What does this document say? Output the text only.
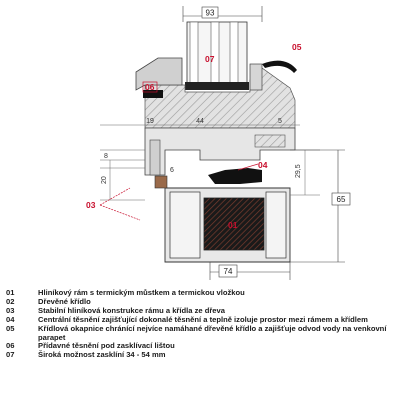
93
19	44	5
8
20
6	29,5
65
74
07
05
06
04
03
01
01	Hliníkový rám s termickým můstkem a termickou vložkou
02	Dřevěné křídlo
03	Stabilní hliníková konstrukce rámu a křídla ze dřeva
04	Centrální těsnění zajišťující dokonalé těsnění a teplně izoluje prostor mezi rámem a křídlem
05	Křídlová okapnice chránící nejvíce namáhané dřevěné křídlo a zajišťuje odvod vody na venkovní parapet
06	Přídavné těsnění pod zasklívací lištou
07	Široká možnost zasklíní 34 - 54 mm
